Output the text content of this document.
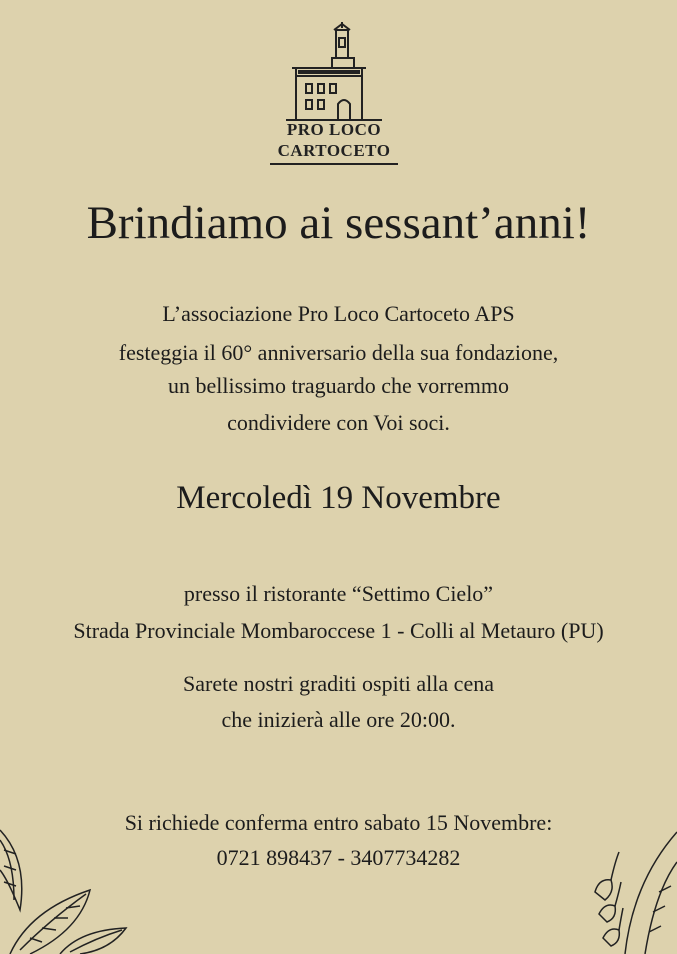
PRO LOCO
CARTOCETO
Brindiamo ai sessant’anni!
L’associazione Pro Loco Cartoceto APS
festeggia il 60° anniversario della sua fondazione,
un bellissimo traguardo che vorremmo
condividere con Voi soci.
Mercoledì 19 Novembre
presso il ristorante “Settimo Cielo”
Strada Provinciale Mombaroccese 1 - Colli al Metauro (PU)
Sarete nostri graditi ospiti alla cena
che inizierà alle ore 20:00.
Si richiede conferma entro sabato 15 Novembre:
0721 898437 - 3407734282
